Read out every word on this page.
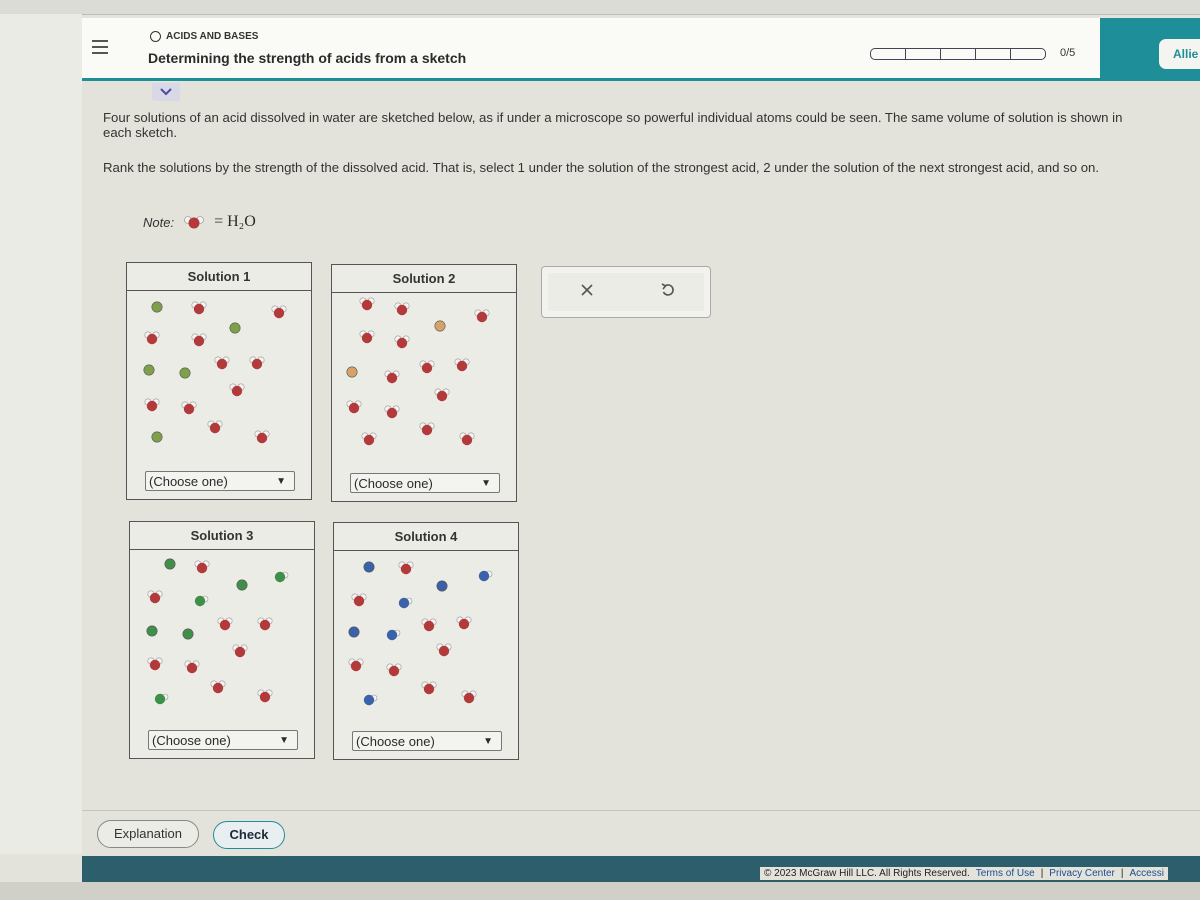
ACIDS AND BASES
Determining the strength of acids from a sketch	0/5	Allie
Four solutions of an acid dissolved in water are sketched below, as if under a microscope so powerful individual atoms could be seen. The same volume of solution is shown in each sketch.
Rank the solutions by the strength of the dissolved acid. That is, select 1 under the solution of the strongest acid, 2 under the solution of the next strongest acid, and so on.
Note:	= H₂O
Solution 1
(Choose one)	▼
Solution 2
(Choose one)	▼
Solution 3
(Choose one)	▼
Solution 4
(Choose one)	▼
Explanation	Check
© 2023 McGraw Hill LLC. All Rights Reserved. Terms of Use | Privacy Center | Accessi
